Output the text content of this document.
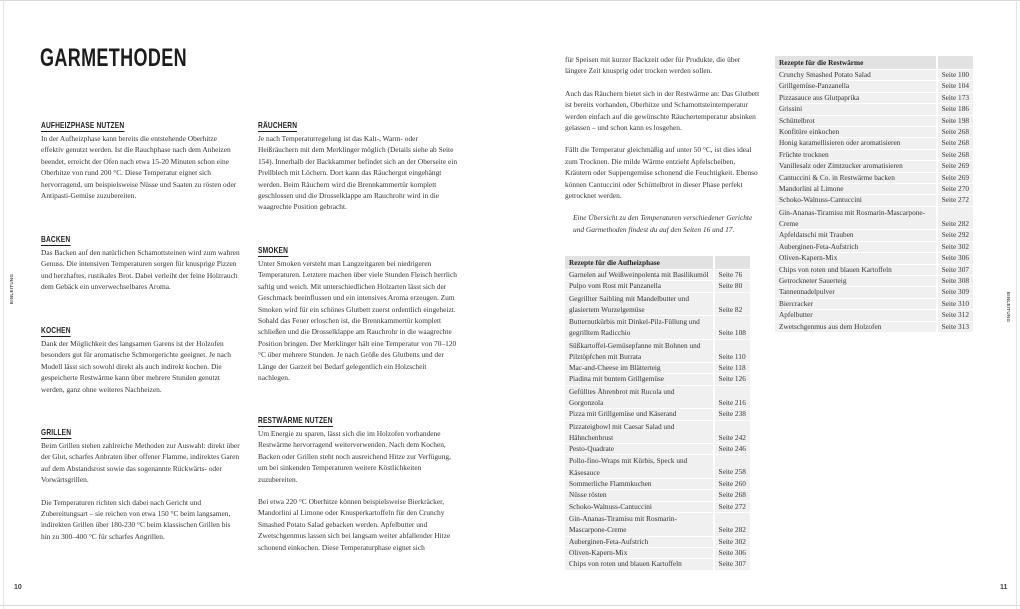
GARMETHODEN
AUFHEIZPHASE NUTZEN

In der Aufheizphase kann bereits die entstehende Oberhitze effektiv genutzt werden. Ist die Rauchphase nach dem Anheizen beendet, erreicht der Ofen nach etwa 15-20 Minuten schon eine Oberhitze von rund 200 °C. Diese Temperatur eignet sich hervorragend, um beispielsweise Nüsse und Saaten zu rösten oder Antipasti-Gemüse zuzubereiten.

BACKEN

Das Backen auf den natürlichen Schamottsteinen wird zum wahren Genuss. Die intensiven Temperaturen sorgen für knusprige Pizzen und herzhaftes, rustikales Brot. Dabei verleiht der feine Holzrauch dem Gebäck ein unverwechselbares Aroma.

KOCHEN

Dank der Möglichkeit des langsamen Garens ist der Holzofen besonders gut für aromatische Schmorgerichte geeignet. Je nach Modell lässt sich sowohl direkt als auch indirekt kochen. Die gespeicherte Restwärme kann über mehrere Stunden genutzt werden, ganz ohne weiteres Nachheizen.

GRILLEN

Beim Grillen stehen zahlreiche Methoden zur Auswahl: direkt über der Glut, scharfes Anbraten über offener Flamme, indirektes Garen auf dem Abstandsrost sowie das sogenannte Rückwärts- oder Vorwärtsgrillen.

Die Temperaturen richten sich dabei nach Gericht und Zubereitungsart – sie reichen von etwa 150 °C beim langsamen, indirekten Grillen über 180-230 °C beim klassischen Grillen bis hin zu 300–400 °C für scharfes Angrillen.

RÄUCHERN

Je nach Temperaturregelung ist das Kalt-, Warm- oder Heißräuchern mit dem Merklinger möglich (Details siehe ab Seite 154). Innerhalb der Backkammer befindet sich an der Oberseite ein Prellblech mit Löchern. Dort kann das Räuchergut eingehängt werden. Beim Räuchern wird die Brennkammertür komplett geschlossen und die Drosselklappe am Rauchrohr wird in die waagrechte Position gebracht.

SMOKEN

Unter Smoken versteht man Langzeitgaren bei niedrigeren Temperaturen. Letztere machen über viele Stunden Fleisch herrlich saftig und weich. Mit unterschiedlichen Holzarten lässt sich der Geschmack beeinflussen und ein intensives Aroma erzeugen. Zum Smoken wird für ein schönes Glutbett zuerst ordentlich eingeheizt. Sobald das Feuer erloschen ist, die Brennkammertür komplett schließen und die Drosselklappe am Rauchrohr in die waagrechte Position bringen. Der Merklinger hält eine Temperatur von 70–120 °C über mehrere Stunden. Je nach Größe des Glutbetts und der Länge der Garzeit bei Bedarf gelegentlich ein Holzscheit nachlegen.

RESTWÄRME NUTZEN

Um Energie zu sparen, lässt sich die im Holzofen vorhandene Restwärme hervorragend weiterverwenden. Nach dem Kochen, Backen oder Grillen steht noch ausreichend Hitze zur Verfügung, um bei sinkenden Temperaturen weitere Köstlichkeiten zuzubereiten.

Bei etwa 220 °C Oberhitze können beispielsweise Bierkräcker, Mandorlini al Limone oder Knusperkartoffeln für den Crunchy Smashed Potato Salad gebacken werden. Apfelbutter und Zwetschgenmus lassen sich bei langsam weiter abfallender Hitze schonend einkochen. Diese Temperaturphase eignet sich

für Speisen mit kurzer Backzeit oder für Produkte, die über längere Zeit knusprig oder trocken werden sollen.

Auch das Räuchern bietet sich in der Restwärme an: Das Glutbett ist bereits vorhanden, Oberhitze und Schamottsteintemperatur werden einfach auf die gewünschte Räuchertemperatur absinken gelassen – und schon kann es losgehen.

Fällt die Temperatur gleichmäßig auf unter 50 °C, ist dies ideal zum Trocknen. Die milde Wärme entzieht Apfelscheiben, Kräutern oder Suppengemüse schonend die Feuchtigkeit. Ebenso können Cantuccini oder Schüttelbrot in dieser Phase perfekt getrocknet werden.

Eine Übersicht zu den Temperaturen verschiedener Gerichte und Garmethoden findest du auf den Seiten 16 und 17.

Rezepte für die Aufheizphase	
Garnelen auf Weißweinpolenta mit Basilikumöl	Seite 76
Pulpo vom Rost mit Panzanella	Seite 80
Gegrillter Saibling mit Mandelbutter und glasiertem Wurzelgemüse	Seite 82
Butternutkürbis mit Dinkel-Pilz-Füllung und gegrilltem Radicchio	Seite 108
Süßkartoffel-Gemüsepfanne mit Bohnen und Pilztöpfchen mit Burrata	Seite 110
Mac-and-Cheese im Blätterteig	Seite 118
Piadina mit buntem Grillgemüse	Seite 126
Gefülltes Ährenbrot mit Rucola und Gorgonzola	Seite 216
Pizza mit Grillgemüse und Käserand	Seite 238
Pizzateigbowl mit Caesar Salad und Hähnchenbrust	Seite 242
Pesto-Quadrate	Seite 246
Pollo-fino-Wraps mit Kürbis, Speck und Käsesauce	Seite 258
Sommerliche Flammkuchen	Seite 260
Nüsse rösten	Seite 268
Schoko-Walnuss-Cantuccini	Seite 272
Gin-Ananas-Tiramisu mit Rosmarin-Mascarpone-Creme	Seite 282
Auberginen-Feta-Aufstrich	Seite 302
Oliven-Kapern-Mix	Seite 306
Chips von roten und blauen Kartoffeln	Seite 307
Rezepte für die Restwärme	
Crunchy Smashed Potato Salad	Seite 100
Grillgemüse-Panzanella	Seite 104
Pizzasauce aus Glutpaprika	Seite 173
Grissini	Seite 186
Schüttelbrot	Seite 198
Konfitüre einkochen	Seite 268
Honig karamellisieren oder aromatisieren	Seite 268
Früchte trocknen	Seite 268
Vanillesalz oder Zimtzucker aromatisieren	Seite 269
Cantuccini & Co. in Restwärme backen	Seite 269
Mandorlini al Limone	Seite 270
Schoko-Walnuss-Cantuccini	Seite 272
Gin-Ananas-Tiramisu mit Rosmarin-Mascarpone-Creme	Seite 282
Apfeldatschi mit Trauben	Seite 292
Auberginen-Feta-Aufstrich	Seite 302
Oliven-Kapern-Mix	Seite 306
Chips von roten und blauen Kartoffeln	Seite 307
Getrockneter Sauerteig	Seite 308
Tannennadelpulver	Seite 309
Biercracker	Seite 310
Apfelbutter	Seite 312
Zwetschgenmus aus dem Holzofen	Seite 313
EINLEITUNG
EINLEITUNG
10	11
